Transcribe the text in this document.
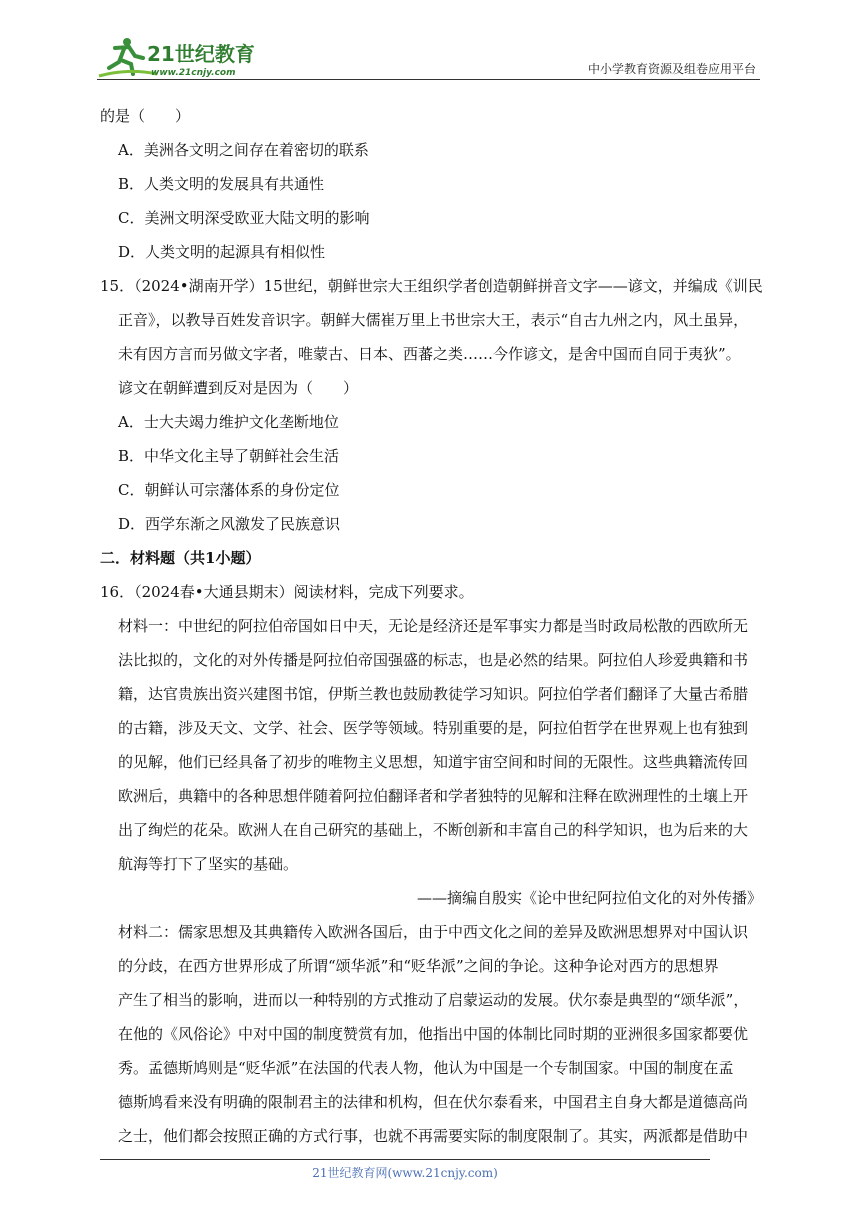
21世纪教育
www.21cnjy.com	中小学教育资源及组卷应用平台
的是（　　）
A．美洲各文明之间存在着密切的联系
B．人类文明的发展具有共通性
C．美洲文明深受欧亚大陆文明的影响
D．人类文明的起源具有相似性
15．（2024•湖南开学）15世纪，朝鲜世宗大王组织学者创造朝鲜拼音文字——谚文，并编成《训民
正音》，以教导百姓发音识字。朝鲜大儒崔万里上书世宗大王，表示“自古九州之内，风土虽异，
未有因方言而另做文字者，唯蒙古、日本、西蕃之类……今作谚文，是舍中国而自同于夷狄”。
谚文在朝鲜遭到反对是因为（　　）
A．士大夫竭力维护文化垄断地位
B．中华文化主导了朝鲜社会生活
C．朝鲜认可宗藩体系的身份定位
D．西学东渐之风激发了民族意识
二．材料题（共1小题）
16．（2024春•大通县期末）阅读材料，完成下列要求。
材料一：中世纪的阿拉伯帝国如日中天，无论是经济还是军事实力都是当时政局松散的西欧所无
法比拟的，文化的对外传播是阿拉伯帝国强盛的标志，也是必然的结果。阿拉伯人珍爱典籍和书
籍，达官贵族出资兴建图书馆，伊斯兰教也鼓励教徒学习知识。阿拉伯学者们翻译了大量古希腊
的古籍，涉及天文、文学、社会、医学等领域。特别重要的是，阿拉伯哲学在世界观上也有独到
的见解，他们已经具备了初步的唯物主义思想，知道宇宙空间和时间的无限性。这些典籍流传回
欧洲后，典籍中的各种思想伴随着阿拉伯翻译者和学者独特的见解和注释在欧洲理性的土壤上开
出了绚烂的花朵。欧洲人在自己研究的基础上，不断创新和丰富自己的科学知识，也为后来的大
航海等打下了坚实的基础。
——摘编自殷实《论中世纪阿拉伯文化的对外传播》
材料二：儒家思想及其典籍传入欧洲各国后，由于中西文化之间的差异及欧洲思想界对中国认识
的分歧，在西方世界形成了所谓“颂华派”和“贬华派”之间的争论。这种争论对西方的思想界
产生了相当的影响，进而以一种特别的方式推动了启蒙运动的发展。伏尔泰是典型的“颂华派”，
在他的《风俗论》中对中国的制度赞赏有加，他指出中国的体制比同时期的亚洲很多国家都要优
秀。孟德斯鸠则是“贬华派”在法国的代表人物，他认为中国是一个专制国家。中国的制度在孟
德斯鸠看来没有明确的限制君主的法律和机构，但在伏尔泰看来，中国君主自身大都是道德高尚
之士，他们都会按照正确的方式行事，也就不再需要实际的制度限制了。其实，两派都是借助中
21世纪教育网(www.21cnjy.com)
